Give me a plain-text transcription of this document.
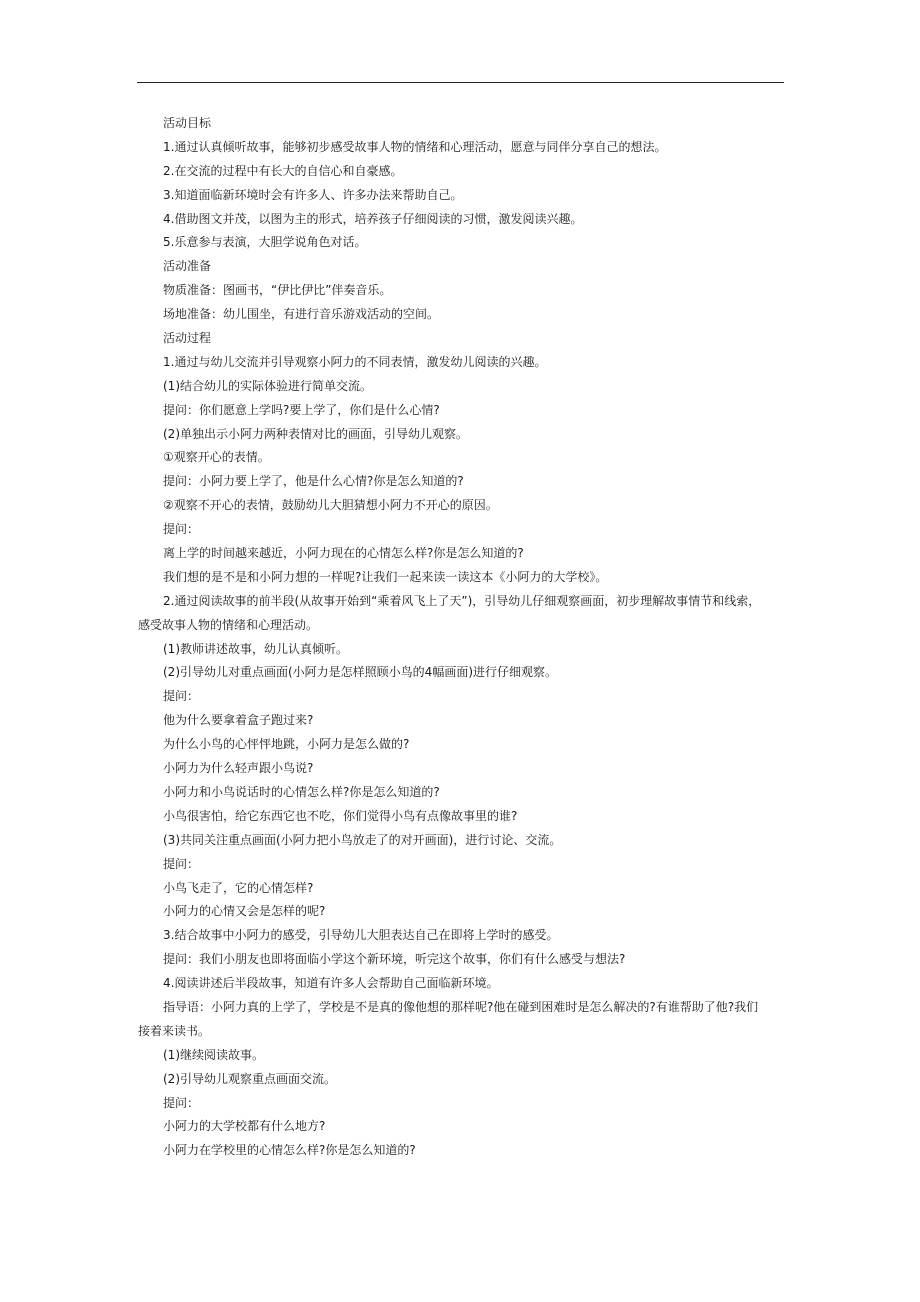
活动目标
1.通过认真倾听故事，能够初步感受故事人物的情绪和心理活动，愿意与同伴分享自己的想法。
2.在交流的过程中有长大的自信心和自豪感。
3.知道面临新环境时会有许多人、许多办法来帮助自己。
4.借助图文并茂，以图为主的形式，培养孩子仔细阅读的习惯，激发阅读兴趣。
5.乐意参与表演，大胆学说角色对话。
活动准备
物质准备：图画书，“伊比伊比”伴奏音乐。
场地准备：幼儿围坐，有进行音乐游戏活动的空间。
活动过程
1.通过与幼儿交流并引导观察小阿力的不同表情，激发幼儿阅读的兴趣。
(1)结合幼儿的实际体验进行简单交流。
提问：你们愿意上学吗?要上学了，你们是什么心情?
(2)单独出示小阿力两种表情对比的画面，引导幼儿观察。
①观察开心的表情。
提问：小阿力要上学了，他是什么心情?你是怎么知道的?
②观察不开心的表情，鼓励幼儿大胆猜想小阿力不开心的原因。
提问：
离上学的时间越来越近，小阿力现在的心情怎么样?你是怎么知道的?
我们想的是不是和小阿力想的一样呢?让我们一起来读一读这本《小阿力的大学校》。
2.通过阅读故事的前半段(从故事开始到“乘着风飞上了天”)，引导幼儿仔细观察画面，初步理解故事情节和线索，
感受故事人物的情绪和心理活动。
(1)教师讲述故事，幼儿认真倾听。
(2)引导幼儿对重点画面(小阿力是怎样照顾小鸟的4幅画面)进行仔细观察。
提问：
他为什么要拿着盒子跑过来?
为什么小鸟的心怦怦地跳，小阿力是怎么做的?
小阿力为什么轻声跟小鸟说?
小阿力和小鸟说话时的心情怎么样?你是怎么知道的?
小鸟很害怕，给它东西它也不吃，你们觉得小鸟有点像故事里的谁?
(3)共同关注重点画面(小阿力把小鸟放走了的对开画面)，进行讨论、交流。
提问：
小鸟飞走了，它的心情怎样?
小阿力的心情又会是怎样的呢?
3.结合故事中小阿力的感受，引导幼儿大胆表达自己在即将上学时的感受。
提问：我们小朋友也即将面临小学这个新环境，听完这个故事，你们有什么感受与想法?
4.阅读讲述后半段故事，知道有许多人会帮助自己面临新环境。
指导语：小阿力真的上学了，学校是不是真的像他想的那样呢?他在碰到困难时是怎么解决的?有谁帮助了他?我们
接着来读书。
(1)继续阅读故事。
(2)引导幼儿观察重点画面交流。
提问：
小阿力的大学校都有什么地方?
小阿力在学校里的心情怎么样?你是怎么知道的?
